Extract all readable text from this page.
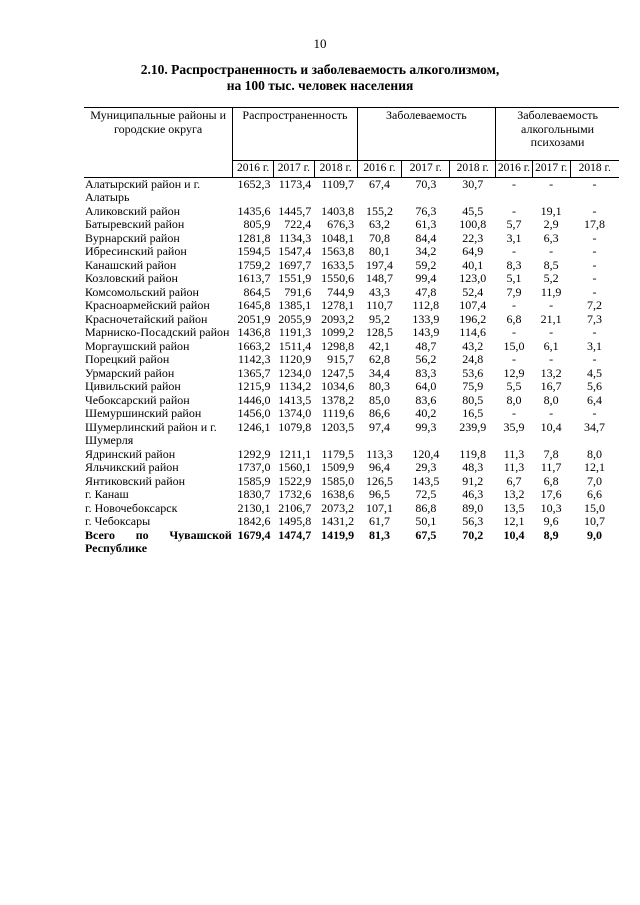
10
2.10. Распространенность и заболеваемость алкоголизмом,
на 100 тыс. человек населения
Муниципальные районы и городские округа	Распространенность			Заболеваемость			Заболеваемость алкогольными психозами		
	2016 г.	2017 г.	2018 г.	2016 г.	2017 г.	2018 г.	2016 г.	2017 г.	2018 г.
Алатырский район и г. Алатырь	1652,3	1173,4	1109,7	67,4	70,3	30,7	-	-	-
Аликовский район	1435,6	1445,7	1403,8	155,2	76,3	45,5	-	19,1	-
Батыревский район	805,9	722,4	676,3	63,2	61,3	100,8	5,7	2,9	17,8
Вурнарский район	1281,8	1134,3	1048,1	70,8	84,4	22,3	3,1	6,3	-
Ибресинский район	1594,5	1547,4	1563,8	80,1	34,2	64,9	-	-	-
Канашский район	1759,2	1697,7	1633,5	197,4	59,2	40,1	8,3	8,5	-
Козловский район	1613,7	1551,9	1550,6	148,7	99,4	123,0	5,1	5,2	-
Комсомольский район	864,5	791,6	744,9	43,3	47,8	52,4	7,9	11,9	-
Красноармейский район	1645,8	1385,1	1278,1	110,7	112,8	107,4	-	-	7,2
Красночетайский район	2051,9	2055,9	2093,2	95,2	133,9	196,2	6,8	21,1	7,3
Марниско-Посадский район	1436,8	1191,3	1099,2	128,5	143,9	114,6	-	-	-
Моргаушский район	1663,2	1511,4	1298,8	42,1	48,7	43,2	15,0	6,1	3,1
Порецкий район	1142,3	1120,9	915,7	62,8	56,2	24,8	-	-	-
Урмарский район	1365,7	1234,0	1247,5	34,4	83,3	53,6	12,9	13,2	4,5
Цивильский район	1215,9	1134,2	1034,6	80,3	64,0	75,9	5,5	16,7	5,6
Чебоксарский район	1446,0	1413,5	1378,2	85,0	83,6	80,5	8,0	8,0	6,4
Шемуршинский район	1456,0	1374,0	1119,6	86,6	40,2	16,5	-	-	-
Шумерлинский район и г. Шумерля	1246,1	1079,8	1203,5	97,4	99,3	239,9	35,9	10,4	34,7
Ядринский район	1292,9	1211,1	1179,5	113,3	120,4	119,8	11,3	7,8	8,0
Яльчикский район	1737,0	1560,1	1509,9	96,4	29,3	48,3	11,3	11,7	12,1
Янтиковский район	1585,9	1522,9	1585,0	126,5	143,5	91,2	6,7	6,8	7,0
г. Канаш	1830,7	1732,6	1638,6	96,5	72,5	46,3	13,2	17,6	6,6
г. Новочебоксарск	2130,1	2106,7	2073,2	107,1	86,8	89,0	13,5	10,3	15,0
г. Чебоксары	1842,6	1495,8	1431,2	61,7	50,1	56,3	12,1	9,6	10,7
Всего по Чувашской Республике	1679,4	1474,7	1419,9	81,3	67,5	70,2	10,4	8,9	9,0
